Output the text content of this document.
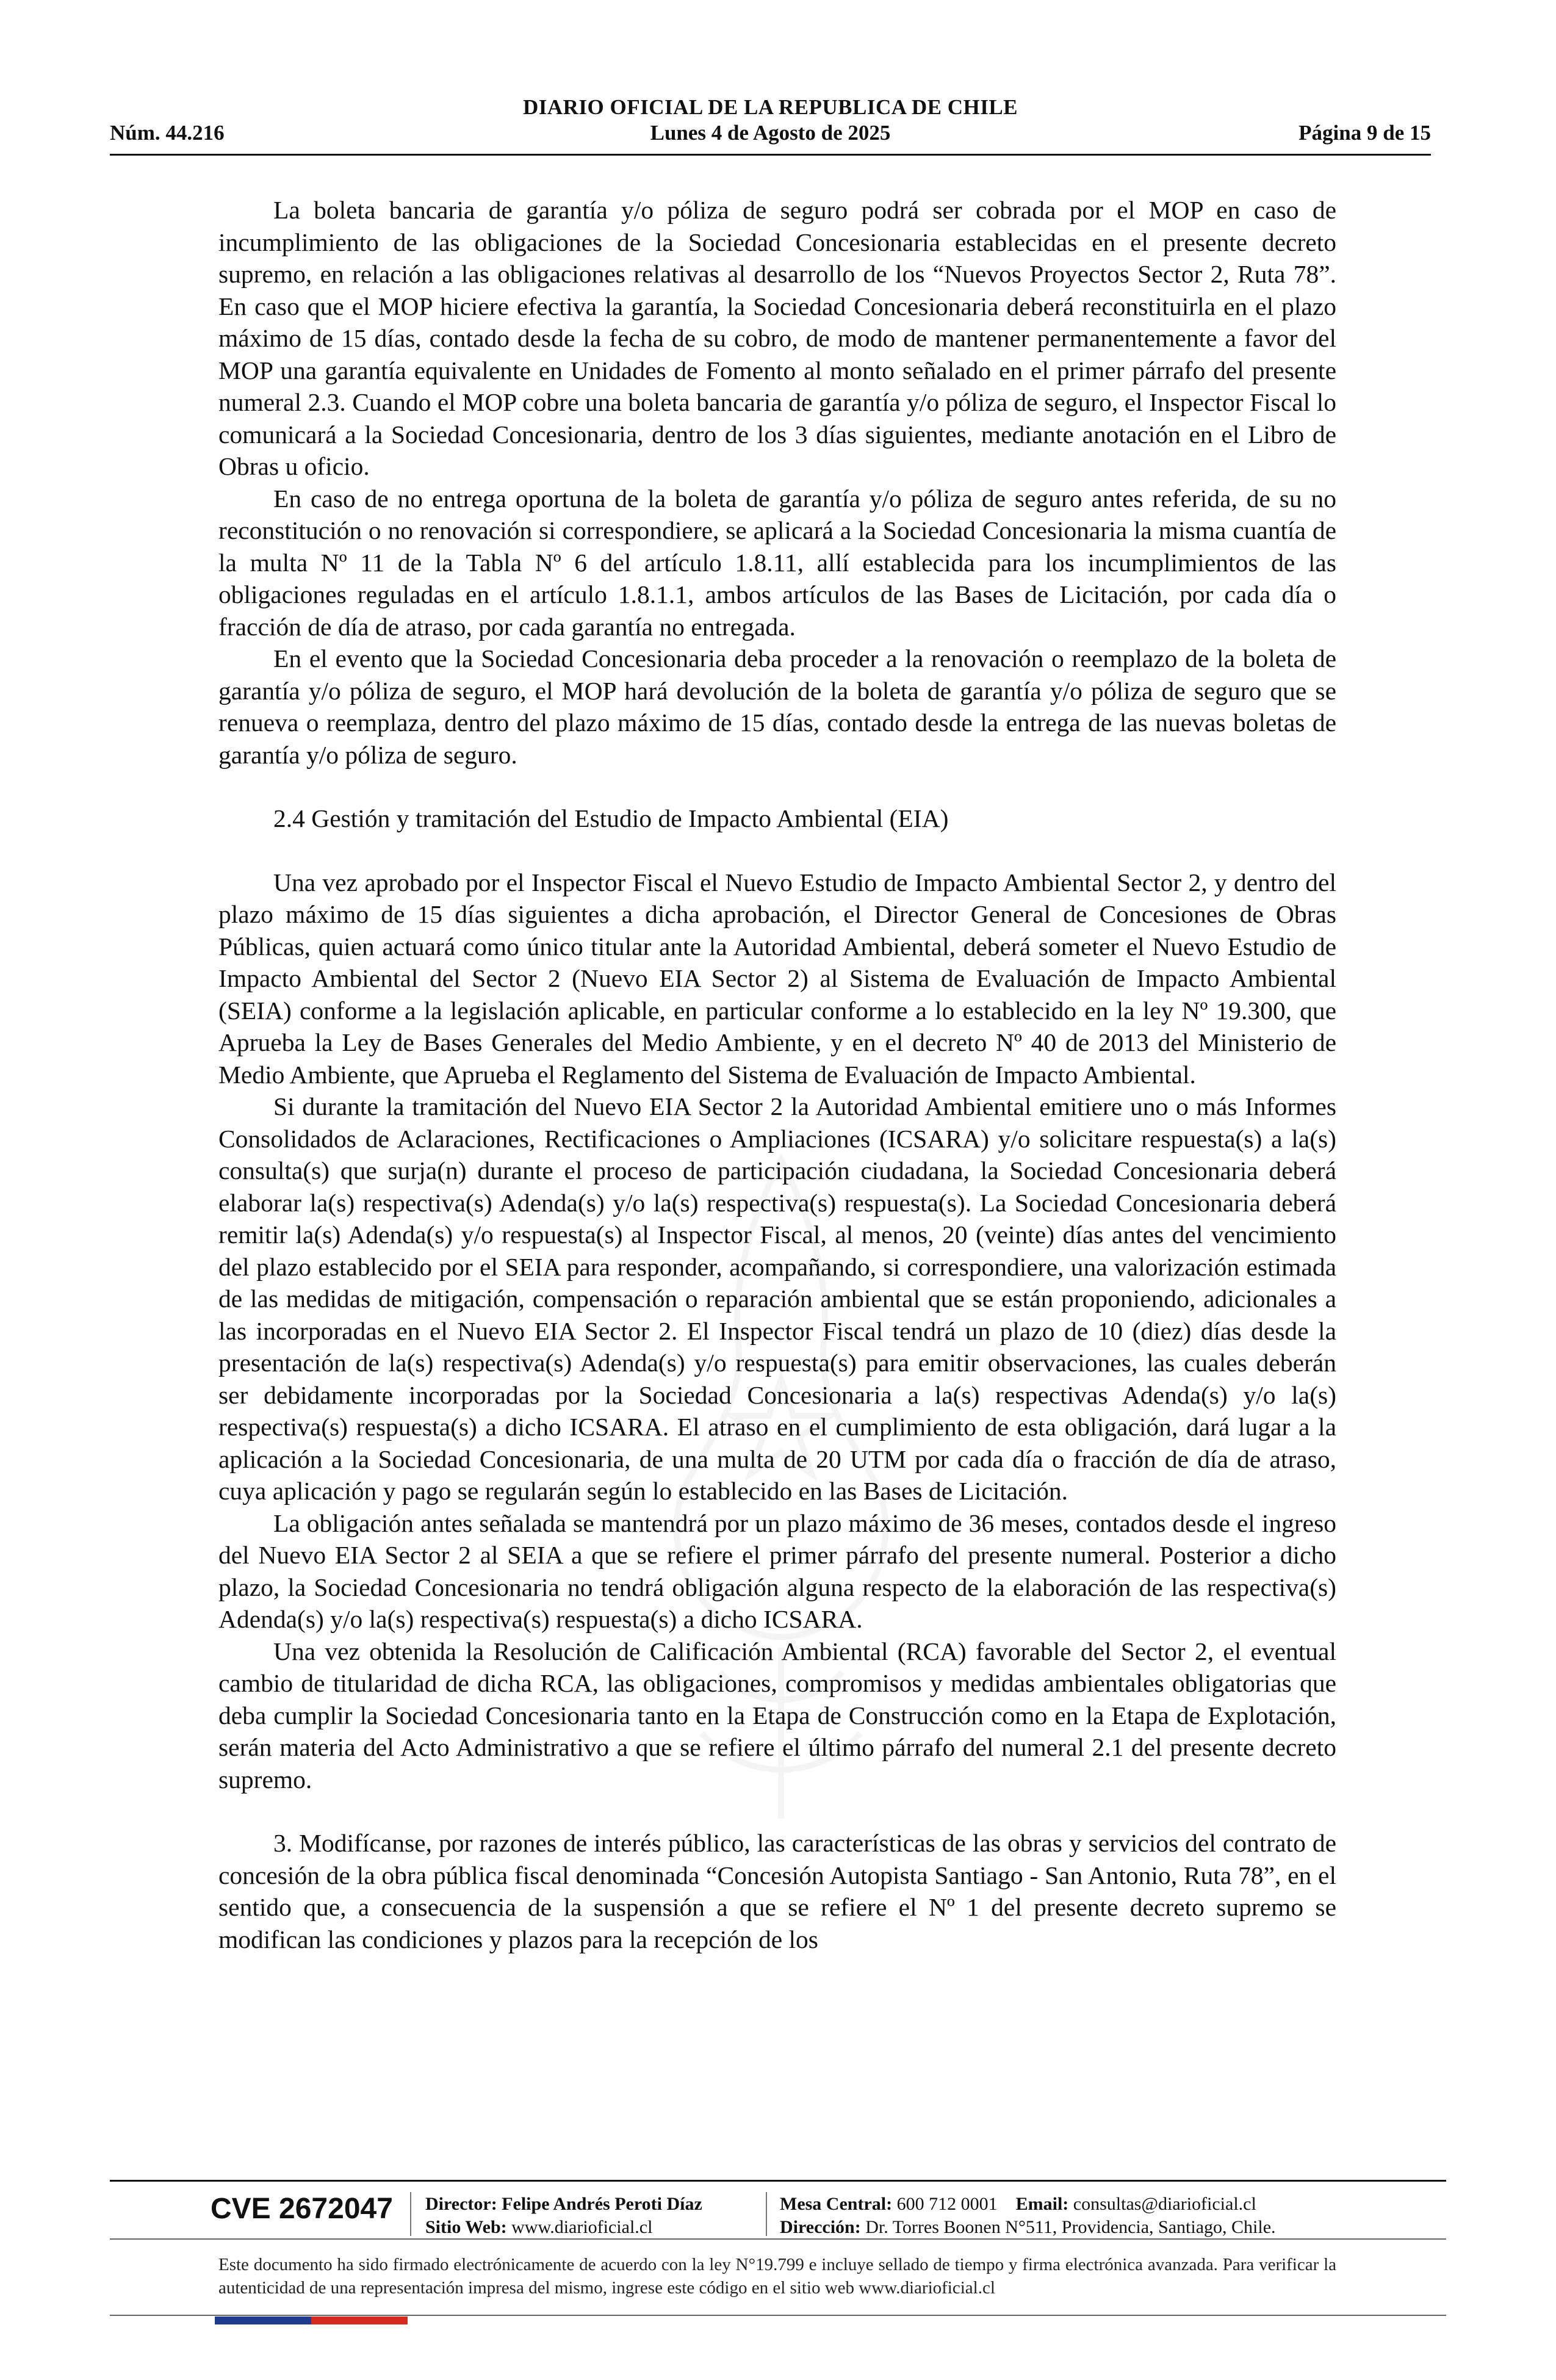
DIARIO OFICIAL DE LA REPUBLICA DE CHILE
Núm. 44.216	Lunes 4 de Agosto de 2025	Página 9 de 15

La boleta bancaria de garantía y/o póliza de seguro podrá ser cobrada por el MOP en caso de incumplimiento de las obligaciones de la Sociedad Concesionaria establecidas en el presente decreto supremo, en relación a las obligaciones relativas al desarrollo de los “Nuevos Proyectos Sector 2, Ruta 78”. En caso que el MOP hiciere efectiva la garantía, la Sociedad Concesionaria deberá reconstituirla en el plazo máximo de 15 días, contado desde la fecha de su cobro, de modo de mantener permanentemente a favor del MOP una garantía equivalente en Unidades de Fomento al monto señalado en el primer párrafo del presente numeral 2.3. Cuando el MOP cobre una boleta bancaria de garantía y/o póliza de seguro, el Inspector Fiscal lo comunicará a la Sociedad Concesionaria, dentro de los 3 días siguientes, mediante anotación en el Libro de Obras u oficio.

En caso de no entrega oportuna de la boleta de garantía y/o póliza de seguro antes referida, de su no reconstitución o no renovación si correspondiere, se aplicará a la Sociedad Concesionaria la misma cuantía de la multa Nº 11 de la Tabla Nº 6 del artículo 1.8.11, allí establecida para los incumplimientos de las obligaciones reguladas en el artículo 1.8.1.1, ambos artículos de las Bases de Licitación, por cada día o fracción de día de atraso, por cada garantía no entregada.

En el evento que la Sociedad Concesionaria deba proceder a la renovación o reemplazo de la boleta de garantía y/o póliza de seguro, el MOP hará devolución de la boleta de garantía y/o póliza de seguro que se renueva o reemplaza, dentro del plazo máximo de 15 días, contado desde la entrega de las nuevas boletas de garantía y/o póliza de seguro.

2.4 Gestión y tramitación del Estudio de Impacto Ambiental (EIA)

Una vez aprobado por el Inspector Fiscal el Nuevo Estudio de Impacto Ambiental Sector 2, y dentro del plazo máximo de 15 días siguientes a dicha aprobación, el Director General de Concesiones de Obras Públicas, quien actuará como único titular ante la Autoridad Ambiental, deberá someter el Nuevo Estudio de Impacto Ambiental del Sector 2 (Nuevo EIA Sector 2) al Sistema de Evaluación de Impacto Ambiental (SEIA) conforme a la legislación aplicable, en particular conforme a lo establecido en la ley Nº 19.300, que Aprueba la Ley de Bases Generales del Medio Ambiente, y en el decreto Nº 40 de 2013 del Ministerio de Medio Ambiente, que Aprueba el Reglamento del Sistema de Evaluación de Impacto Ambiental.

Si durante la tramitación del Nuevo EIA Sector 2 la Autoridad Ambiental emitiere uno o más Informes Consolidados de Aclaraciones, Rectificaciones o Ampliaciones (ICSARA) y/o solicitare respuesta(s) a la(s) consulta(s) que surja(n) durante el proceso de participación ciudadana, la Sociedad Concesionaria deberá elaborar la(s) respectiva(s) Adenda(s) y/o la(s) respectiva(s) respuesta(s). La Sociedad Concesionaria deberá remitir la(s) Adenda(s) y/o respuesta(s) al Inspector Fiscal, al menos, 20 (veinte) días antes del vencimiento del plazo establecido por el SEIA para responder, acompañando, si correspondiere, una valorización estimada de las medidas de mitigación, compensación o reparación ambiental que se están proponiendo, adicionales a las incorporadas en el Nuevo EIA Sector 2. El Inspector Fiscal tendrá un plazo de 10 (diez) días desde la presentación de la(s) respectiva(s) Adenda(s) y/o respuesta(s) para emitir observaciones, las cuales deberán ser debidamente incorporadas por la Sociedad Concesionaria a la(s) respectivas Adenda(s) y/o la(s) respectiva(s) respuesta(s) a dicho ICSARA. El atraso en el cumplimiento de esta obligación, dará lugar a la aplicación a la Sociedad Concesionaria, de una multa de 20 UTM por cada día o fracción de día de atraso, cuya aplicación y pago se regularán según lo establecido en las Bases de Licitación.

La obligación antes señalada se mantendrá por un plazo máximo de 36 meses, contados desde el ingreso del Nuevo EIA Sector 2 al SEIA a que se refiere el primer párrafo del presente numeral. Posterior a dicho plazo, la Sociedad Concesionaria no tendrá obligación alguna respecto de la elaboración de las respectiva(s) Adenda(s) y/o la(s) respectiva(s) respuesta(s) a dicho ICSARA.

Una vez obtenida la Resolución de Calificación Ambiental (RCA) favorable del Sector 2, el eventual cambio de titularidad de dicha RCA, las obligaciones, compromisos y medidas ambientales obligatorias que deba cumplir la Sociedad Concesionaria tanto en la Etapa de Construcción como en la Etapa de Explotación, serán materia del Acto Administrativo a que se refiere el último párrafo del numeral 2.1 del presente decreto supremo.

3. Modifícanse, por razones de interés público, las características de las obras y servicios del contrato de concesión de la obra pública fiscal denominada “Concesión Autopista Santiago - San Antonio, Ruta 78”, en el sentido que, a consecuencia de la suspensión a que se refiere el Nº 1 del presente decreto supremo se modifican las condiciones y plazos para la recepción de los

CVE 2672047 Director: Felipe Andrés Peroti Díaz
Sitio Web: www.diarioficial.cl
Mesa Central: 600 712 0001 Email: consultas@diarioficial.cl
Dirección: Dr. Torres Boonen N°511, Providencia, Santiago, Chile.
Este documento ha sido firmado electrónicamente de acuerdo con la ley N°19.799 e incluye sellado de tiempo y firma electrónica avanzada. Para verificar la autenticidad de una representación impresa del mismo, ingrese este código en el sitio web www.diarioficial.cl
